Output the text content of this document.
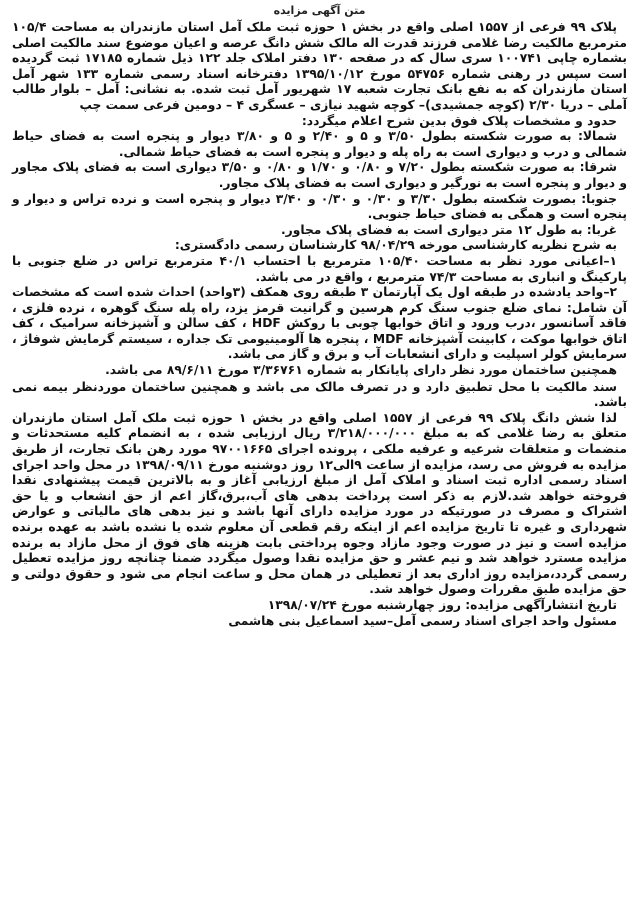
متن آگهی مزایده

پلاک ۹۹ فرعی از ۱۵۵۷ اصلی واقع در بخش ۱ حوزه ثبت ملک آمل استان مازندران به مساحت ۱۰۵/۴ مترمربع مالکیت رضا غلامی فرزند قدرت اله مالک شش دانگ عرصه و اعیان موضوع سند مالکیت اصلی بشماره چاپی ۱۰۰۷۴۱ سری سال که در صفحه ۱۳۰ دفتر املاک جلد ۱۲۲ ذیل شماره ۱۷۱۸۵ ثبت گردیده است سپس در رهنی شماره ۵۴۷۵۶ مورخ ۱۳۹۵/۱۰/۱۲ دفترخانه اسناد رسمی شماره ۱۳۳ شهر آمل استان مازندران که به نفع بانک تجارت شعبه ۱۷ شهریور آمل ثبت شده. به نشانی: آمل – بلوار طالب آملی – دریا ۲/۳۰ (کوچه جمشیدی)– کوچه شهید نیازی – عسگری ۴ – دومین فرعی سمت چپ

حدود و مشخصات پلاک فوق بدین شرح اعلام میگردد:

شمالا: به صورت شکسته بطول ۳/۵۰ و ۵ و ۲/۴۰ و ۵ و ۳/۸۰ دیوار و پنجره است به فضای حیاط شمالی و درب و دیواری است به راه پله و دیوار و پنجره است به فضای حیاط شمالی.

شرقا: به صورت شکسته بطول ۷/۲۰ و ۰/۸۰ و ۱/۷۰ و ۰/۸۰ و ۳/۵۰ دیواری است به فضای پلاک مجاور و دیوار و پنجره است به نورگیر و دیواری است به فضای پلاک مجاور.

جنوبا: بصورت شکسته بطول ۳/۳۰ و ۰/۳۰ و ۰/۳۰ و ۳/۴۰ دیوار و پنجره است و نرده تراس و دیوار و پنجره است و همگی به فضای حیاط جنوبی.

غربا: به طول ۱۲ متر دیواری است به فضای پلاک مجاور.

به شرح نظریه کارشناسی مورخه ۹۸/۰۴/۲۹ کارشناسان رسمی دادگستری:

۱–اعیانی مورد نظر به مساحت ۱۰۵/۴۰ مترمربع با احتساب ۴۰/۱ مترمربع تراس در ضلع جنوبی با پارکینگ و انباری به مساحت ۷۴/۳ مترمربع ، واقع در می باشد.

۲–واحد یادشده در طبقه اول یک آپارتمان ۳ طبقه روی همکف (۳واحد) احداث شده است که مشخصات آن شامل: نمای ضلع جنوب سنگ کرم هرسین و گرانیت قرمز یزد، راه پله سنگ گوهره ، نرده فلزی ، فاقد آسانسور ،درب ورود و اتاق خوابها چوبی با روکش HDF ، کف سالن و آشپزخانه سرامیک ، کف اتاق خوابها موکت ، کابینت آشپزخانه MDF ، پنجره ها آلومینیومی تک جداره ، سیستم گرمایش شوفاژ ، سرمایش کولر اسپلیت و دارای انشعابات آب و برق و گاز می باشد.

همچنین ساختمان مورد نظر دارای پایانکار به شماره ۳/۳۶۷۶۱ مورخ ۸۹/۶/۱۱ می باشد.

سند مالکیت با محل تطبیق دارد و در تصرف مالک می باشد و همچنین ساختمان موردنظر بیمه نمی باشد.

لذا شش دانگ پلاک ۹۹ فرعی از ۱۵۵۷ اصلی واقع در بخش ۱ حوزه ثبت ملک آمل استان مازندران متعلق به رضا غلامی که به مبلغ ۳/۲۱۸/۰۰۰/۰۰۰ ریال ارزیابی شده ، به انضمام کلیه مستحدثات و منضمات و متعلقات شرعیه و عرفیه ملکی ، پرونده اجرای ۹۷۰۰۱۶۶۵ مورد رهن بانک تجارت، از طریق مزایده به فروش می رسد، مزایده از ساعت ۹الی۱۲ روز دوشنبه مورخ ۱۳۹۸/۰۹/۱۱ در محل واحد اجرای اسناد رسمی اداره ثبت اسناد و املاک آمل از مبلغ ارزیابی آغاز و به بالاترین قیمت پیشنهادی نقدا فروخته خواهد شد.لازم به ذکر است پرداخت بدهی های آب،برق،گاز اعم از حق انشعاب و یا حق اشتراک و مصرف در صورتیکه در مورد مزایده دارای آنها باشد و نیز بدهی های مالیاتی و عوارض شهرداری و غیره تا تاریخ مزایده اعم از اینکه رقم قطعی آن معلوم شده یا نشده باشد به عهده برنده مزایده است و نیز در صورت وجود مازاد وجوه پرداختی بابت هزینه های فوق از محل مازاد به برنده مزایده مسترد خواهد شد و نیم عشر و حق مزایده نقدا وصول میگردد ضمنا چنانچه روز مزایده تعطیل رسمی گردد،مزایده روز اداری بعد از تعطیلی در همان محل و ساعت انجام می شود و حقوق دولتی و حق مزایده طبق مقررات وصول خواهد شد.

تاریخ انتشارآگهی مزایده: روز چهارشنبه مورخ ۱۳۹۸/۰۷/۲۴

مسئول واحد اجرای اسناد رسمی آمل–سید اسماعیل بنی هاشمی
